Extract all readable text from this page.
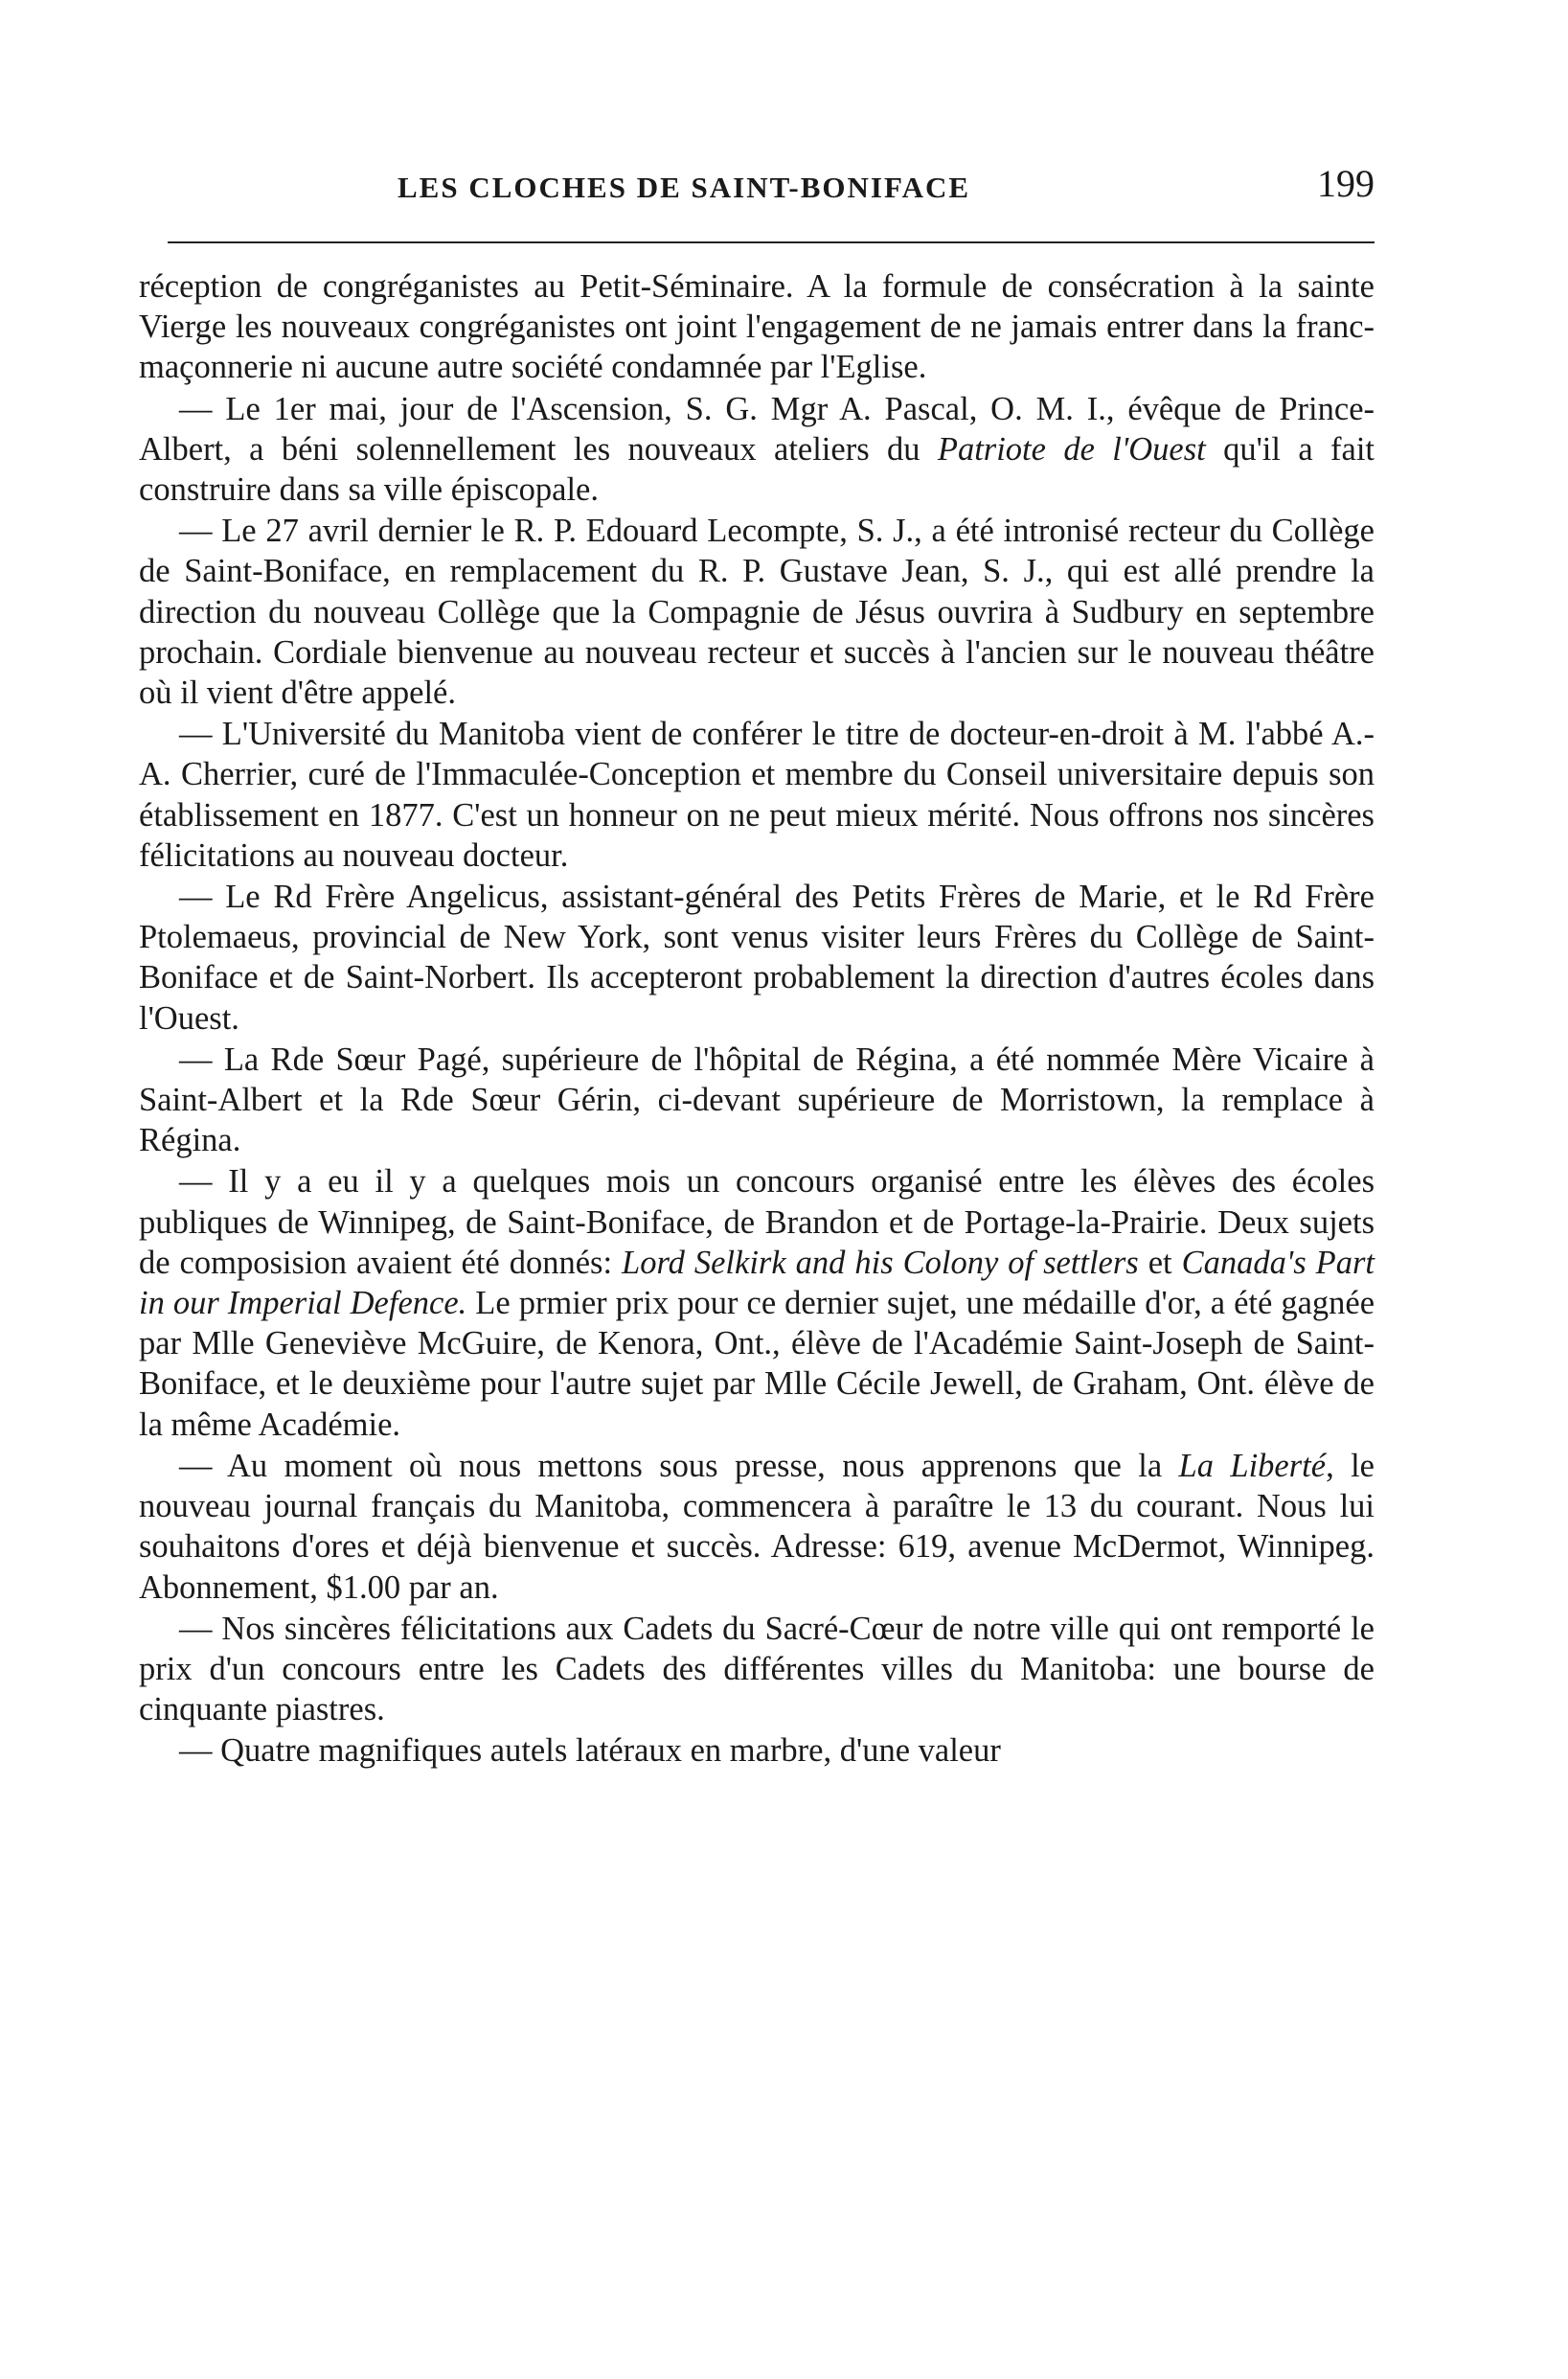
LES CLOCHES DE SAINT-BONIFACE	199

réception de congréganistes au Petit-Séminaire. A la formule de consécration à la sainte Vierge les nouveaux congréganistes ont joint l'engagement de ne jamais entrer dans la franc-maçonnerie ni aucune autre société condamnée par l'Eglise.

— Le 1er mai, jour de l'Ascension, S. G. Mgr A. Pascal, O. M. I., évêque de Prince-Albert, a béni solennellement les nouveaux ateliers du Patriote de l'Ouest qu'il a fait construire dans sa ville épiscopale.

— Le 27 avril dernier le R. P. Edouard Lecompte, S. J., a été intronisé recteur du Collège de Saint-Boniface, en remplacement du R. P. Gustave Jean, S. J., qui est allé prendre la direction du nouveau Collège que la Compagnie de Jésus ouvrira à Sudbury en septembre prochain. Cordiale bienvenue au nouveau recteur et succès à l'ancien sur le nouveau théâtre où il vient d'être appelé.

— L'Université du Manitoba vient de conférer le titre de docteur-en-droit à M. l'abbé A.-A. Cherrier, curé de l'Immaculée-Conception et membre du Conseil universitaire depuis son établissement en 1877. C'est un honneur on ne peut mieux mérité. Nous offrons nos sincères félicitations au nouveau docteur.

— Le Rd Frère Angelicus, assistant-général des Petits Frères de Marie, et le Rd Frère Ptolemaeus, provincial de New York, sont venus visiter leurs Frères du Collège de Saint-Boniface et de Saint-Norbert. Ils accepteront probablement la direction d'autres écoles dans l'Ouest.

— La Rde Sœur Pagé, supérieure de l'hôpital de Régina, a été nommée Mère Vicaire à Saint-Albert et la Rde Sœur Gérin, ci-devant supérieure de Morristown, la remplace à Régina.

— Il y a eu il y a quelques mois un concours organisé entre les élèves des écoles publiques de Winnipeg, de Saint-Boniface, de Brandon et de Portage-la-Prairie. Deux sujets de composision avaient été donnés: Lord Selkirk and his Colony of settlers et Canada's Part in our Imperial Defence. Le prmier prix pour ce dernier sujet, une médaille d'or, a été gagnée par Mlle Geneviève McGuire, de Kenora, Ont., élève de l'Académie Saint-Joseph de Saint-Boniface, et le deuxième pour l'autre sujet par Mlle Cécile Jewell, de Graham, Ont. élève de la même Académie.

— Au moment où nous mettons sous presse, nous apprenons que la La Liberté, le nouveau journal français du Manitoba, commencera à paraître le 13 du courant. Nous lui souhaitons d'ores et déjà bienvenue et succès. Adresse: 619, avenue McDermot, Winnipeg. Abonnement, $1.00 par an.

— Nos sincères félicitations aux Cadets du Sacré-Cœur de notre ville qui ont remporté le prix d'un concours entre les Cadets des différentes villes du Manitoba: une bourse de cinquante piastres.

— Quatre magnifiques autels latéraux en marbre, d'une valeur
